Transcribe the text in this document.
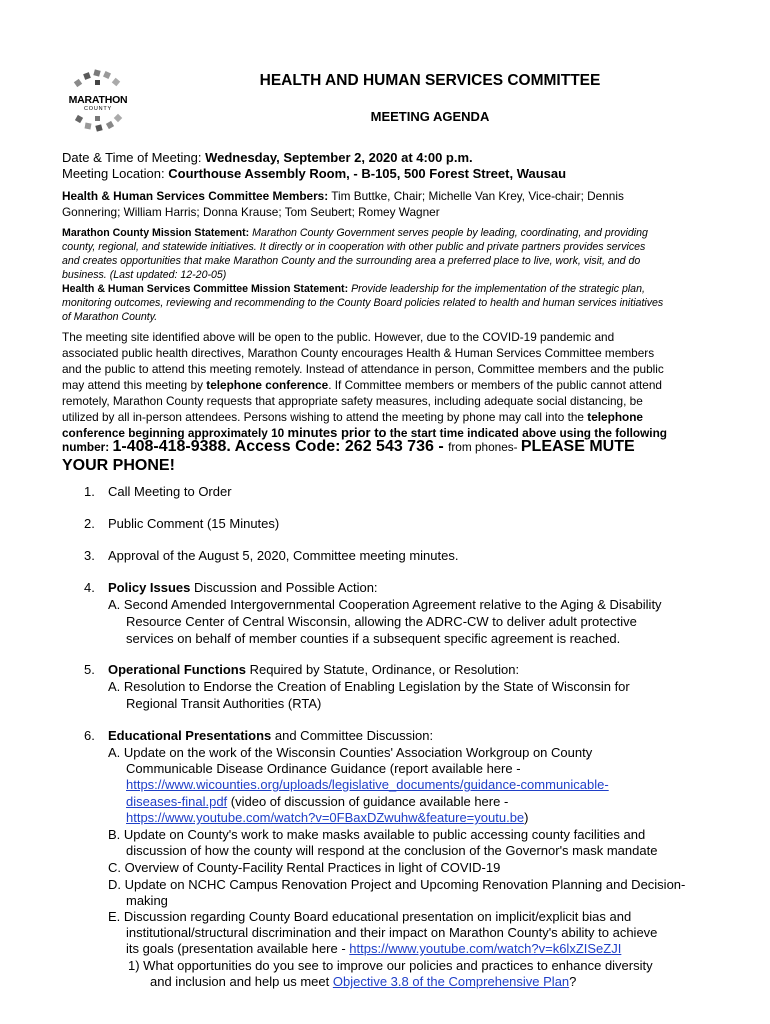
MARATHON
COUNTY
HEALTH AND HUMAN SERVICES COMMITTEE
MEETING AGENDA
Date & Time of Meeting: Wednesday, September 2, 2020 at 4:00 p.m.
Meeting Location: Courthouse Assembly Room, - B-105, 500 Forest Street, Wausau
Health & Human Services Committee Members: Tim Buttke, Chair; Michelle Van Krey, Vice-chair; Dennis
Gonnering; William Harris; Donna Krause; Tom Seubert; Romey Wagner
Marathon County Mission Statement: Marathon County Government serves people by leading, coordinating, and providing
county, regional, and statewide initiatives. It directly or in cooperation with other public and private partners provides services
and creates opportunities that make Marathon County and the surrounding area a preferred place to live, work, visit, and do
business. (Last updated: 12-20-05)
Health & Human Services Committee Mission Statement: Provide leadership for the implementation of the strategic plan,
monitoring outcomes, reviewing and recommending to the County Board policies related to health and human services initiatives
of Marathon County.
The meeting site identified above will be open to the public. However, due to the COVID-19 pandemic and
associated public health directives, Marathon County encourages Health & Human Services Committee members
and the public to attend this meeting remotely. Instead of attendance in person, Committee members and the public
may attend this meeting by telephone conference. If Committee members or members of the public cannot attend
remotely, Marathon County requests that appropriate safety measures, including adequate social distancing, be
utilized by all in-person attendees. Persons wishing to attend the meeting by phone may call into the telephone
conference beginning approximately 10 minutes prior to the start time indicated above using the following
number: 1-408-418-9388. Access Code: 262 543 736 - from phones- PLEASE MUTE
YOUR PHONE!
1. Call Meeting to Order
2. Public Comment (15 Minutes)
3. Approval of the August 5, 2020, Committee meeting minutes.
4. Policy Issues Discussion and Possible Action:
A. Second Amended Intergovernmental Cooperation Agreement relative to the Aging & Disability
Resource Center of Central Wisconsin, allowing the ADRC-CW to deliver adult protective
services on behalf of member counties if a subsequent specific agreement is reached.
5. Operational Functions Required by Statute, Ordinance, or Resolution:
A. Resolution to Endorse the Creation of Enabling Legislation by the State of Wisconsin for
Regional Transit Authorities (RTA)
6. Educational Presentations and Committee Discussion:
A. Update on the work of the Wisconsin Counties' Association Workgroup on County
Communicable Disease Ordinance Guidance (report available here -
https://www.wicounties.org/uploads/legislative_documents/guidance-communicable-
diseases-final.pdf (video of discussion of guidance available here -
https://www.youtube.com/watch?v=0FBaxDZwuhw&feature=youtu.be)
B. Update on County's work to make masks available to public accessing county facilities and
discussion of how the county will respond at the conclusion of the Governor's mask mandate
C. Overview of County-Facility Rental Practices in light of COVID-19
D. Update on NCHC Campus Renovation Project and Upcoming Renovation Planning and Decision-
making
E. Discussion regarding County Board educational presentation on implicit/explicit bias and
institutional/structural discrimination and their impact on Marathon County's ability to achieve
its goals (presentation available here - https://www.youtube.com/watch?v=k6lxZISeZJI
1) What opportunities do you see to improve our policies and practices to enhance diversity
and inclusion and help us meet Objective 3.8 of the Comprehensive Plan?
